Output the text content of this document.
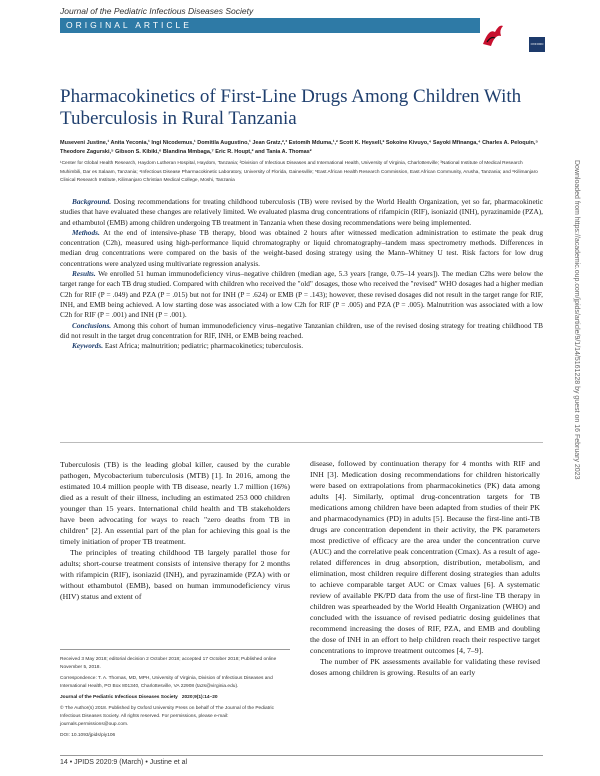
Journal of the Pediatric Infectious Diseases Society
ORIGINAL ARTICLE
OXFORD
Pharmacokinetics of First-Line Drugs Among Children With Tuberculosis in Rural Tanzania
Museveni Justine,¹ Anita Yeconia,¹ Ingi Nicodemus,¹ Domitila Augustino,¹ Jean Gratz,²,³ Estomih Mduma,¹,² Scott K. Heysell,² Sokoine Kivuyo,⁴ Sayoki Mfinanga,⁴ Charles A. Peloquin,⁵ Theodore Zagurski,⁵ Gibson S. Kibiki,⁶ Blandina Mmbaga,⁷ Eric R. Houpt,² and Tania A. Thomas²
¹Center for Global Health Research, Haydom Lutheran Hospital, Haydom, Tanzania; ²Division of Infectious Diseases and International Health, University of Virginia, Charlottesville; ³National Institute of Medical Research Muhimbili, Dar es Salaam, Tanzania; ⁴Infectious Disease Pharmacokinetic Laboratory, University of Florida, Gainesville; ⁵East African Health Research Commission, East African Community, Arusha, Tanzania; and ⁶Kilimanjaro Clinical Research Institute, Kilimanjaro Christian Medical College, Moshi, Tanzania

Background. Dosing recommendations for treating childhood tuberculosis (TB) were revised by the World Health Organization, yet so far, pharmacokinetic studies that have evaluated these changes are relatively limited. We evaluated plasma drug concentrations of rifampicin (RIF), isoniazid (INH), pyrazinamide (PZA), and ethambutol (EMB) among children undergoing TB treatment in Tanzania when these dosing recommendations were being implemented.

Methods. At the end of intensive-phase TB therapy, blood was obtained 2 hours after witnessed medication administration to estimate the peak drug concentration (C2h), measured using high-performance liquid chromatography or liquid chromatography–tandem mass spectrometry methods. Differences in median drug concentrations were compared on the basis of the weight-based dosing strategy using the Mann–Whitney U test. Risk factors for low drug concentrations were analyzed using multivariate regression analysis.

Results. We enrolled 51 human immunodeficiency virus–negative children (median age, 5.3 years [range, 0.75–14 years]). The median C2hs were below the target range for each TB drug studied. Compared with children who received the "old" dosages, those who received the "revised" WHO dosages had a higher median C2h for RIF (P = .049) and PZA (P = .015) but not for INH (P = .624) or EMB (P = .143); however, these revised dosages did not result in the target range for RIF, INH, and EMB being achieved. A low starting dose was associated with a low C2h for RIF (P = .005) and PZA (P = .005). Malnutrition was associated with a low C2h for RIF (P = .001) and INH (P = .001).

Conclusions. Among this cohort of human immunodeficiency virus–negative Tanzanian children, use of the revised dosing strategy for treating childhood TB did not result in the target drug concentration for RIF, INH, or EMB being reached.

Keywords. East Africa; malnutrition; pediatric; pharmacokinetics; tuberculosis.

Tuberculosis (TB) is the leading global killer, caused by the curable pathogen, Mycobacterium tuberculosis (MTB) [1]. In 2016, among the estimated 10.4 million people with TB disease, nearly 1.7 million (16%) died as a result of their illness, including an estimated 253 000 children younger than 15 years. International child health and TB stakeholders have been advocating for ways to reach "zero deaths from TB in children" [2]. An essential part of the plan for achieving this goal is the timely initiation of proper TB treatment.

The principles of treating childhood TB largely parallel those for adults; short-course treatment consists of intensive therapy for 2 months with rifampicin (RIF), isoniazid (INH), and pyrazinamide (PZA) with or without ethambutol (EMB), based on human immunodeficiency virus (HIV) status and extent of

Received 3 May 2018; editorial decision 2 October 2018; accepted 17 October 2018; Published online November 5, 2018.

Correspondence: T. A. Thomas, MD, MPH, University of Virginia, Division of Infectious Diseases and International Health, PO Box 801340, Charlottesville, VA 22908 (ta2s@virginia.edu).

Journal of the Pediatric Infectious Diseases Society 2020;9(1):14–20

© The Author(s) 2018. Published by Oxford University Press on behalf of The Journal of the Pediatric Infectious Diseases Society. All rights reserved. For permissions, please e-mail: journals.permissions@oup.com.

DOI: 10.1093/jpids/piy106

disease, followed by continuation therapy for 4 months with RIF and INH [3]. Medication dosing recommendations for children historically were based on extrapolations from pharmacokinetics (PK) data among adults [4]. Similarly, optimal drug-concentration targets for TB medications among children have been adapted from studies of their PK and pharmacodynamics (PD) in adults [5]. Because the first-line anti-TB drugs are concentration dependent in their activity, the PK parameters most predictive of efficacy are the area under the concentration curve (AUC) and the correlative peak concentration (Cmax). As a result of age-related differences in drug absorption, distribution, metabolism, and elimination, most children require different dosing strategies than adults to achieve comparable target AUC or Cmax values [6]. A systematic review of available PK/PD data from the use of first-line TB therapy in children was spearheaded by the World Health Organization (WHO) and concluded with the issuance of revised pediatric dosing guidelines that recommend increasing the doses of RIF, PZA, and EMB and doubling the dose of INH in an effort to help children reach their respective target concentrations to improve treatment outcomes [4, 7–9].

The number of PK assessments available for validating these revised doses among children is growing. Results of an early

14 • JPIDS 2020:9 (March) • Justine et al
Downloaded from https://academic.oup.com/jpids/article/9/1/14/5161228 by guest on 16 February 2023
